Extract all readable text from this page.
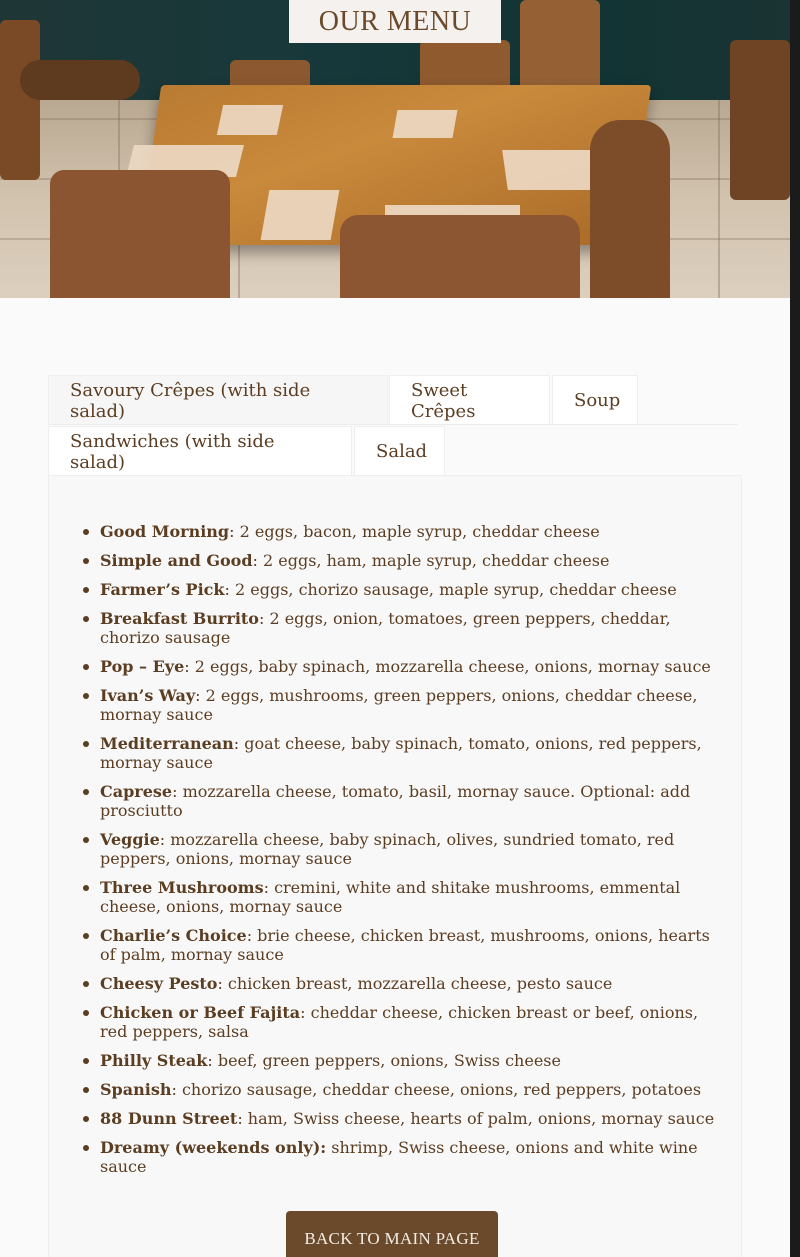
OUR MENU
Savoury Crêpes (with side salad)
Sweet Crêpes	Soup
Sandwiches (with side salad)	Salad
Good Morning: 2 eggs, bacon, maple syrup, cheddar cheese
Simple and Good: 2 eggs, ham, maple syrup, cheddar cheese
Farmer’s Pick: 2 eggs, chorizo sausage, maple syrup, cheddar cheese
Breakfast Burrito: 2 eggs, onion, tomatoes, green peppers, cheddar, chorizo sausage
Pop – Eye: 2 eggs, baby spinach, mozzarella cheese, onions, mornay sauce
Ivan’s Way: 2 eggs, mushrooms, green peppers, onions, cheddar cheese, mornay sauce
Mediterranean: goat cheese, baby spinach, tomato, onions, red peppers, mornay sauce
Caprese: mozzarella cheese, tomato, basil, mornay sauce. Optional: add prosciutto
Veggie: mozzarella cheese, baby spinach, olives, sundried tomato, red peppers, onions, mornay sauce
Three Mushrooms: cremini, white and shitake mushrooms, emmental cheese, onions, mornay sauce
Charlie’s Choice: brie cheese, chicken breast, mushrooms, onions, hearts of palm, mornay sauce
Cheesy Pesto: chicken breast, mozzarella cheese, pesto sauce
Chicken or Beef Fajita: cheddar cheese, chicken breast or beef, onions, red peppers, salsa
Philly Steak: beef, green peppers, onions, Swiss cheese
Spanish: chorizo sausage, cheddar cheese, onions, red peppers, potatoes
88 Dunn Street: ham, Swiss cheese, hearts of palm, onions, mornay sauce
Dreamy (weekends only): shrimp, Swiss cheese, onions and white wine sauce
BACK TO MAIN PAGE
